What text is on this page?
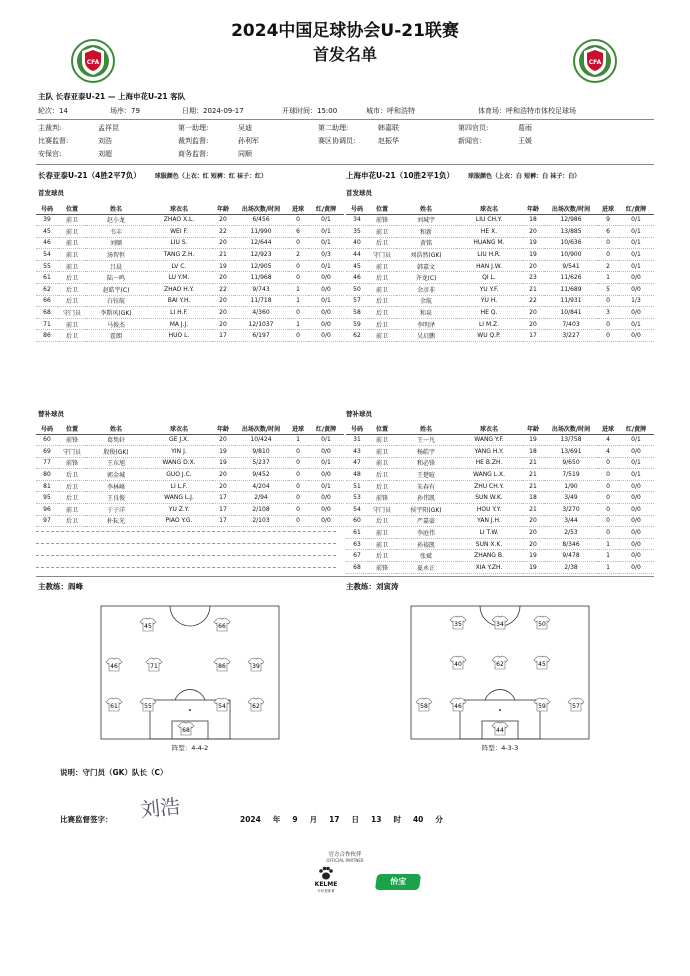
CFA	CFA
2024中国足球协会U-21联赛
首发名单
主队 长春亚泰U-21 — 上海申花U-21 客队
轮次：14	场序：79	日期：2024-09-17	开球时间：15:00	城市：呼和浩特	体育场：呼和浩特市体校足球场
主裁判:	孟祥昆	第一助理:	吴迪	第二助理:	韩嘉联	第四官员:	葛雨
比赛监督:	刘浩	裁判监督:	孙利军	赛区协调员:	赵振华	新闻官:	王媛
安保官:	刘超	商务监督:	同顺
长春亚泰U-21（4胜2平7负） 球服颜色（上衣：红 短裤：红 袜子：红）	上海申花U-21（10胜2平1负） 球服颜色（上衣：白 短裤：白 袜子：白）
首发球员	首发球员
号码	位置	姓名	球衣名	年龄	出场次数/时间	进球	红/黄牌
39	前卫	赵小龙	ZHAO X.L.	20	6/456	0	0/1
45	前卫	韦丰	WEI F.	22	11/990	6	0/1
46	前卫	刘顺	LIU S.	20	12/644	0	0/1
54	前卫	汤智恒	TANG Z.H.	21	12/923	2	0/3
55	前卫	吕晨	LV C.	19	12/905	0	0/1
61	后卫	陆一鸣	LU Y.M.	20	11/968	0	0/0
62	后卫	赵皓宇(C)	ZHAO H.Y.	22	9/743	1	0/0
66	后卫	白钰航	BAI Y.H.	20	11/718	1	0/1
68	守门员	李斯风(GK)	LI H.F.	20	4/360	0	0/0
71	前卫	马俊杰	MA J.J.	20	12/1037	1	0/0
86	后卫	霍朗	HUO L.	17	6/197	0	0/0
号码	位置	姓名	球衣名	年龄	出场次数/时间	进球	红/黄牌
34	前锋	刘城宇	LIU CH.Y.	18	12/986	9	0/1
35	前卫	和新	HE X.	20	13/885	6	0/1
40	后卫	黄铭	HUANG M.	19	10/636	0	0/1
44	守门员	刘浩然(GK)	LIU H.R.	19	10/900	0	0/1
45	前卫	韩嘉文	HAN J.W.	20	9/541	2	0/1
46	后卫	齐龙(C)	QI L.	23	11/626	1	0/0
50	前卫	余彦非	YU Y.F.	21	11/689	5	0/0
57	后卫	余航	YU H.	22	11/931	0	1/3
58	后卫	和泉	HE Q.	20	10/841	3	0/0
59	后卫	李明泽	LI M.Z.	20	7/403	0	0/1
62	前卫	吴启鹏	WU Q.P.	17	3/227	0	0/0
替补球员	替补球员
号码	位置	姓名	球衣名	年龄	出场次数/时间	进球	红/黄牌
60	前锋	葛隽轩	GE J.X.	20	10/424	1	0/1
69	守门员	殷俊(GK)	YIN J.	19	9/810	0	0/0
77	前锋	王东旭	WANG D.X.	19	5/237	0	0/1
80	后卫	郭金城	GUO J.C.	20	9/452	0	0/0
81	后卫	李林峰	LI L.F.	20	4/204	0	0/1
95	后卫	王良俊	WANG L.J.	17	2/94	0	0/0
96	前卫	于子洋	YU Z.Y.	17	2/108	0	0/0
97	后卫	朴耘光	PIAO Y.G.	17	2/103	0	0/0
号码	位置	姓名	球衣名	年龄	出场次数/时间	进球	红/黄牌
31	前卫	王一凡	WANG Y.F.	19	13/758	4	0/1
43	前卫	杨皓宇	YANG H.Y.	18	13/691	4	0/0
47	前卫	和必锋	HE B.ZH.	21	9/650	0	0/1
48	后卫	王楚暄	WANG L.X.	21	7/519	0	0/1
51	后卫	朱春有	ZHU CH.Y.	21	1/90	0	0/0
53	前锋	孙伟凯	SUN W.K.	18	3/49	0	0/0
54	守门员	侯宇阳(GK)	HOU Y.Y.	21	3/270	0	0/0
60	后卫	严嘉豪	YAN J.H.	20	3/44	0	0/0
61	前卫	李庭伟	LI T.W.	20	2/53	0	0/0
63	前卫	孙裕凯	SUN X.K.	20	8/346	1	0/0
67	后卫	张斌	ZHANG B.	19	9/478	1	0/0
68	前锋	夏永正	XIA Y.ZH.	19	2/38	1	0/0
主教练：阎峰	主教练：刘寅涛
45	66
46	71	86	39
61	55	54	62
68
35	34	50
40	62	45
58	46	59	57
44
阵型：4-4-2	阵型：4-3-3
说明：守门员（GK）队长（C）
刘浩
比赛监督签字：	2024 年 9 月 17 日 13 时 40 分
官方合作伙伴
OFFICIAL PARTNER
KELME
卡尔美体育
怡宝
